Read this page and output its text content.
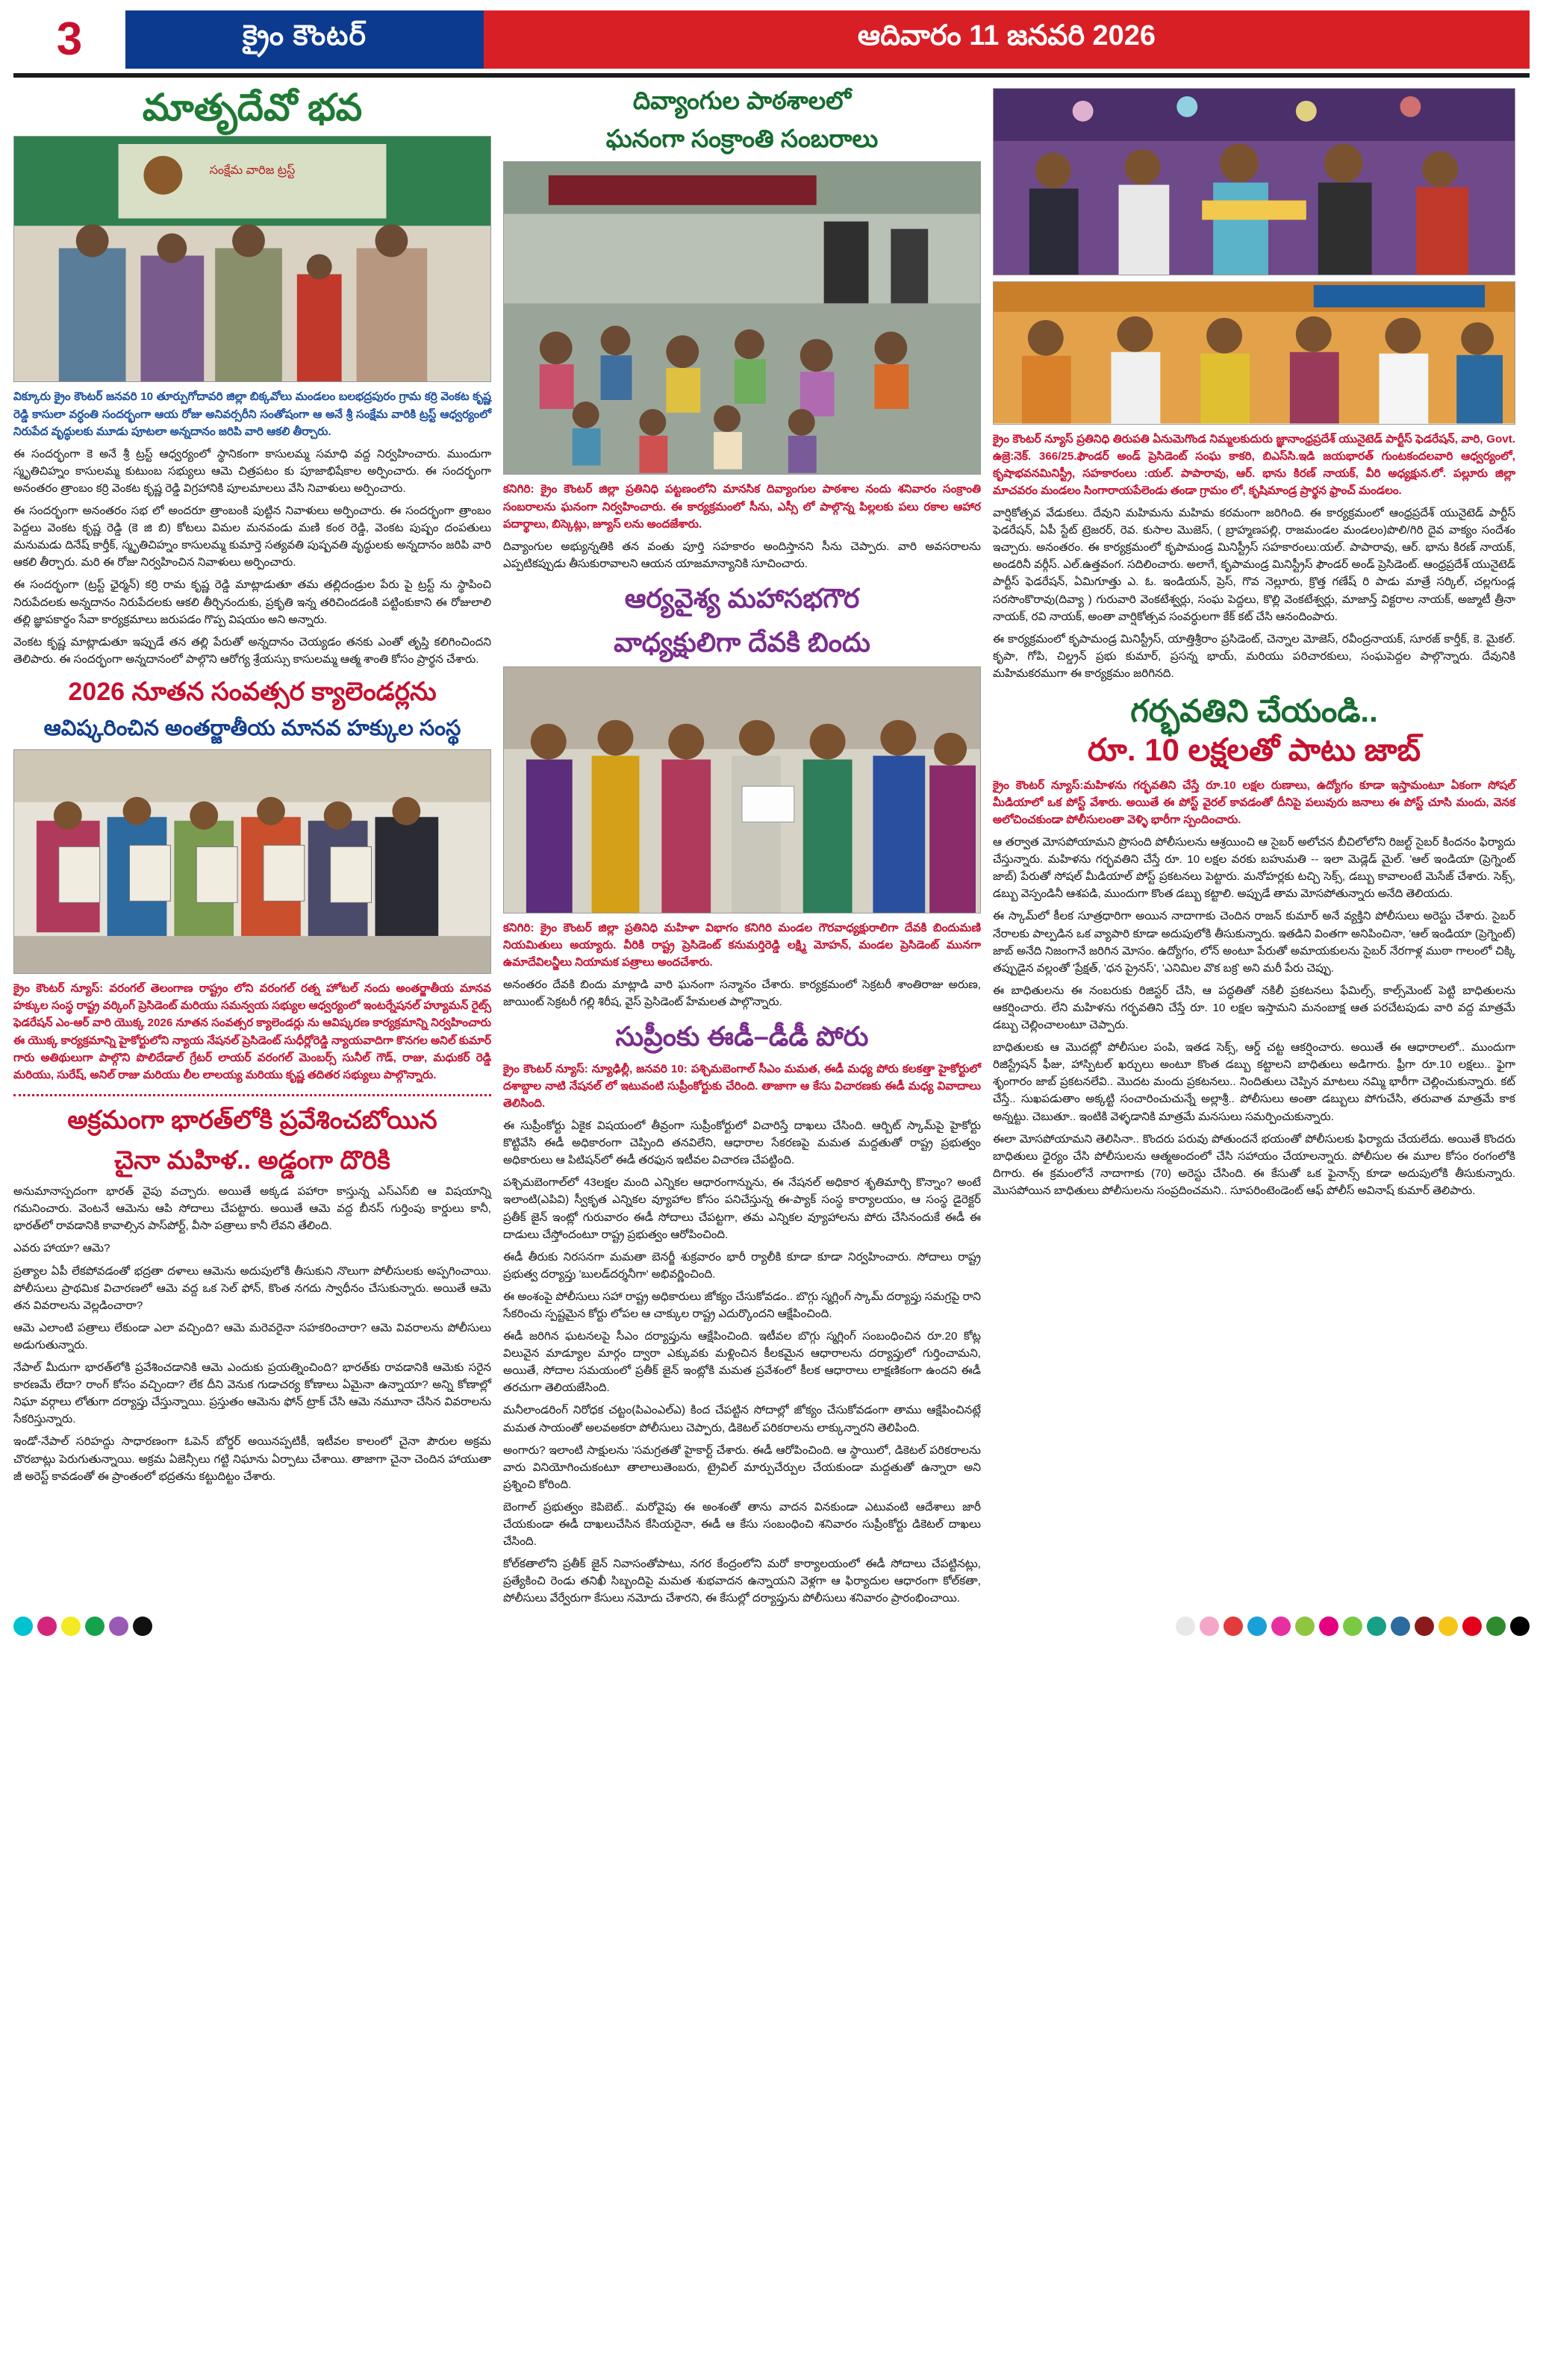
3	క్రైం కౌంటర్	ఆదివారం 11 జనవరి 2026
మాతృదేవో భవ
సంక్షేమ వారిజ ట్రస్ట్

విక్కూరు క్రైం కౌంటర్ జనవరి 10 తూర్పుగోదావరి జిల్లా బిక్కవోలు మండలం బలభద్రపురం గ్రామ కర్రి వెంకట కృష్ణ రెడ్డి కాసులా వర్ధంతి సందర్భంగా ఆయ రోజు అనివర్సరీని సంతోషంగా ఆ అనే శ్రీ సంక్షేమ వారికి ట్రస్ట్ ఆధ్వర్యంలో నిరుపేద వృద్ధులకు మూడు పూటలా అన్నదానం జరిపి వారి ఆకలి తీర్చారు.

ఈ సందర్భంగా కె అనే శ్రీ ట్రస్ట్ ఆధ్వర్యంలో స్థానికంగా కాసులమ్మ సమాధి వద్ద నిర్వహించారు. ముందుగా స్మృతిచిహ్నం కాసులమ్మ కుటుంబ సభ్యులు ఆమె చిత్రపటం కు పూజాభిషేకాల అర్పించారు. ఈ సందర్భంగా అనంతరం త్రాంబం కర్రి వెంకట కృష్ణ రెడ్డి విగ్రహానికి పూలమాలలు వేసి నివాళులు అర్పించారు.

ఈ సందర్భంగా అనంతరం సభ లో అందరూ త్రాంబంకి పుట్టిన నివాళులు అర్పించారు. ఈ సందర్భంగా త్రాంబం పెద్దలు వెంకట కృష్ణ రెడ్డి (కె జి బి) కోటలు విమల మనవండు మణి కంఠ రెడ్డి, వెంకట పుష్పం దంపతులు మనుమడు దినేష్ కార్తీక్, స్మృతిచిహ్నం కాసులమ్మ కుమార్తె సత్యవతి పుష్పవతి వృద్ధులకు అన్నదానం జరిపి వారి ఆకలి తీర్చారు. మరి ఈ రోజు నిర్వహించిన నివాళులు అర్పించారు.

ఈ సందర్భంగా (ట్రస్ట్ ఛైర్మన్) కర్రి రామ కృష్ణ రెడ్డి మాట్లాడుతూ తమ తల్లిదండ్రుల పేరు పై ట్రస్ట్ ను స్థాపించి నిరుపేదలకు అన్నదానం నిరుపేదలకు ఆకలి తీర్చినందుకు, ప్రకృతి ఇన్న తరిచిందడంకి పట్టింకుకాని ఈ రోజులాలి తల్లి జ్ఞాపకార్థం సేవా కార్యక్రమాలు జరుపడం గొప్ప విషయం అని అన్నారు.

వెంకట కృష్ణ మాట్లాడుతూ ఇప్పుడే తన తల్లి పేరుతో అన్నదానం చెయ్యడం తనకు ఎంతో తృప్తి కలిగించిందని తెలిపారు. ఈ సందర్భంగా అన్నదానంలో పాల్గొని ఆరోగ్య శ్రేయస్సు కాసులమ్మ ఆత్మ శాంతి కోసం ప్రార్థన చేశారు.

2026 నూతన సంవత్సర క్యాలెండర్లను
ఆవిష్కరించిన అంతర్జాతీయ మానవ హక్కుల సంస్థ

క్రైం కౌంటర్ న్యూస్: వరంగల్ తెలంగాణ రాష్ట్రం లోని వరంగల్ రత్న హోటల్ నందు అంతర్జాతీయ మానవ హక్కుల సంస్థ రాష్ట్ర వర్కింగ్ ప్రెసిడెంట్ మరియు సమన్వయ సభ్యుల ఆధ్వర్యంలో ఇంటర్నేషనల్ హ్యూమన్ రైట్స్ ఫెడరేషన్ ఎం-ఆర్ వారి యొక్క 2026 నూతన సంవత్సర క్యాలెండర్లు ను ఆవిష్కరణ కార్యక్రమాన్ని నిర్వహించారు ఈ యొక్క కార్యక్రమాన్ని హైకోర్టులోని న్యాయ నేషనల్ ప్రెసిడెంట్ సుధీర్లోరెడ్డి న్యాయవాదిగా కొనగల అనిల్ కుమార్ గారు అతిథులుగా పాల్గొని పొలిదేడాల్ గ్రేటర్ లాయర్ వరంగల్ మెంబర్స్ సునీల్ గౌడ్, రాజు, మధుకర్ రెడ్డి మరియు, సురేష్, అనిల్ రాజు మరియు లీల లాలయ్య మరియు కృష్ణ తదితర సభ్యులు పాల్గొన్నారు.

అక్రమంగా భారత్‌లోకి ప్రవేశించబోయిన
చైనా మహిళ.. అడ్డంగా దొరికి

అనుమానాస్పదంగా భారత్ వైపు వచ్చారు. అయితే అక్కడ పహారా కాస్తున్న ఎస్ఎస్‌బి ఆ విషయాన్ని గమనించారు. వెంటనే ఆమెను ఆపి సోదాలు చేపట్టారు. అయితే ఆమె వద్ద బీనస్ గుర్తింపు కార్డులు కానీ, భారత్‌లో రావడానికి కావాల్సిన పాస్‌పోర్ట్, వీసా పత్రాలు కానీ లేవని తేలింది.

ఎవరు హాయా? ఆమె?

ప్రత్యాల ఏపీ లేకపోవడంతో భద్రతా దళాలు ఆమెను అదుపులోకి తీసుకుని నొలుగా పోలీసులకు అప్పగించాయి. పోలీసులు ప్రాథమిక విచారణలో ఆమె వద్ద ఒక సెల్ ఫోన్, కొంత నగదు స్వాధీనం చేసుకున్నారు. అయితే ఆమె తన వివరాలను వెల్లడించారా?

ఆమె ఎలాంటి పత్రాలు లేకుండా ఎలా వచ్చింది? ఆమె మరెవరైనా సహకరించారా? ఆమె వివరాలను పోలీసులు అడుగుతున్నారు.

నేపాల్ మీదుగా భారత్‌లోకి ప్రవేశించడానికి ఆమె ఎందుకు ప్రయత్నించింది? భారత్‌కు రావడానికి ఆమెకు సరైన కారణమే లేదా? రాంగ్ కోసం వచ్చిందా? లేక దీని వెనుక గుడాచర్య కోణాలు ఏమైనా ఉన్నాయా? అన్ని కోణాల్లో నిఘా వర్గాలు లోతుగా దర్యాప్తు చేస్తున్నాయి. ప్రస్తుతం ఆమెను ఫోన్ ట్రాక్ చేసి ఆమె నమూనా చేసిన వివరాలను సేకరిస్తున్నారు.

ఇండో-నేపాల్ సరిహద్దు సాధారణంగా ఓపెన్ బోర్డర్ అయినప్పటికీ, ఇటీవల కాలంలో చైనా పౌరుల అక్రమ చొరబాట్లు పెరుగుతున్నాయి. అక్రమ ఏజెన్సీలు గట్టి నిఘాను ఏర్పాటు చేశాయి. తాజాగా చైనా చెందిన హాయుతా జీ అరెస్ట్ కావడంతో ఈ ప్రాంతంలో భద్రతను కట్టుదిట్టం చేశారు.

దివ్యాంగుల పాఠశాలలో
ఘనంగా సంక్రాంతి సంబరాలు

కనిగిరి: క్రైం కౌంటర్ జిల్లా ప్రతినిధి పట్టణంలోని మానసిక దివ్యాంగుల పాఠశాల నందు శనివారం సంక్రాంతి సంబరాలను ఘనంగా నిర్వహించారు. ఈ కార్యక్రమంలో సీను, ఎస్సీ లో పాల్గొన్న పిల్లలకు పలు రకాల ఆహార పదార్థాలు, బిస్కెట్లు, జ్యూస్ లను అందజేశారు.

దివ్యాంగుల అభ్యున్నతికి తన వంతు పూర్తి సహకారం అందిస్తానని సీను చెప్పారు. వారి అవసరాలను ఎప్పటికప్పుడు తీసుకురావాలని ఆయన యాజమాన్యానికి సూచించారు.

ఆర్యవైశ్య మహాసభగౌర
వాధ్యక్షులిగా దేవకి బిందు

కనిగిరి: క్రైం కౌంటర్ జిల్లా ప్రతినిధి మహిళా విభాగం కనిగిరి మండల గౌరవాధ్యక్షురాలిగా దేవకి బిందుమణి నియమితులు అయ్యారు. వీరికి రాష్ట్ర ప్రెసిడెంట్ కనుమర్తిరెడ్డి లక్ష్మి మోహన్, మండల ప్రెసిడెంట్ మునగా ఉమాదేవిలన్జీలు నియామక పత్రాలు అందచేశారు.

అనంతరం దేవకి బిందు మాట్లాడి వారి ఘనంగా సన్మానం చేశారు. కార్యక్రమంలో సెక్రటరీ శాంతిరాజు అరుణ, జాయింట్ సెక్రటరీ గల్లి శిరీష, వైస్ ప్రెసిడెంట్ హేమలత పాల్గొన్నారు.

సుప్రీంకు ఈడీ–డీడీ పోరు

క్రైం కౌంటర్ న్యూస్: న్యూఢిల్లీ, జనవరి 10: పశ్చిమబెంగాల్ సీఎం మమత, ఈడీ మధ్య పోరు కలకత్తా హైకోర్టులో దశాబ్దాల నాటి నేషనల్ లో ఇటువంటి సుప్రీంకోర్టుకు చేరింది. తాజాగా ఆ కేసు విచారణకు ఈడీ మధ్య వివాదాలు తెలిసింది.

ఈ సుప్రీంకోర్టు ఏకైక విషయంలో తీవ్రంగా సుప్రీంకోర్టులో విచారిస్తే దాఖలు చేసింది. ఆర్బిట్ స్కామ్‌పై హైకోర్టు కొట్టివేసి ఈడీ అధికారంగా చెప్పింది తనవిలేని, ఆధారాల సేకరణపై మమత మద్దతుతో రాష్ట్ర ప్రభుత్వం అధికారులు ఆ పిటిషన్‌లో ఈడీ తరఫున ఇటీవల విచారణ చేపట్టింది.

పశ్చిమబెంగాల్‌లో 43లక్షల మంది ఎన్నికల ఆధారంగాన్నును, ఈ నేషనల్ అధికార శృతిమార్చి కొన్నాం? అంటే ఇలాంటి(ఎపివి) స్వీకృత ఎన్నికల వ్యూహాల కోసం పనిచేస్తున్న ఈ-ప్యాక్ సంస్థ కార్యాలయం, ఆ సంస్థ డైరెక్టర్ ప్రతీక్ జైన్ ఇంట్లో గురువారం ఈడీ సోదాలు చేపట్టగా, తమ ఎన్నికల వ్యూహాలను పోరు చేసినందుకే ఈడీ ఈ దాడులు చేస్తోందంటూ రాష్ట్ర ప్రభుత్వం ఆరోపించింది.

ఈడీ తీరుకు నిరసనగా మమతా బెనర్జీ శుక్రవారం భారీ ర్యాలీకి కూడా కూడా నిర్వహించారు. సోదాలు రాష్ట్ర ప్రభుత్వ దర్యాప్తు 'బులడ్‌దర్శనీగా' అభివర్ణించింది.

ఈ అంశంపై పోలీసులు సహా రాష్ట్ర అధికారులు జోక్యం చేసుకోవడం.. బొగ్గు స్మగ్లింగ్ స్కామ్ దర్యాప్తు సమగ్రపై రాని సేకరించు స్పష్టమైన కోర్టు లోపల ఆ చాక్కుల రాష్ట్ర ఎదుర్కొందని ఆక్షేపించింది.

ఈడీ జరిగిన ఘటనలపై సీఎం దర్యాప్తును ఆక్షేపించింది. ఇటీవల బొగ్గు స్మగ్లింగ్ సంబంధించిన రూ.20 కోట్ల విలువైన మాడ్యూల మార్గం ద్వారా ఎక్కువకు మళ్లించిన కీలకమైన ఆధారాలను దర్యాప్తులో గుర్తించామని, అయితే, సోదాల సమయంలో ప్రతీక్ జైన్ ఇంట్లోకి మమత ప్రవేశంలో కీలక ఆధారాలు లాక్షణికంగా ఉందని ఈడీ తరచుగా తెలియజేసింది.

మనీలాండరింగ్ నిరోధక చట్టం(పిఎంఎల్ఎ) కింద చేపట్టిన సోదాల్లో జోక్యం చేసుకోవడంగా తాము ఆక్షేపించినట్లే మమత సాయంతో అలవఅకరా పోలీసులు చెప్పారు, డికెటల్ పరికరాలను లాక్కున్నారని తెలిపింది.

అంగారు? ఇలాంటి సాక్షులను 'సమగ్రతతో హైకార్ట్ చేశారు. ఈడీ ఆరోపించింది. ఆ స్థాయిలో, డికెటల్ పరికరాలను వారు వినియోగించుకంటూ తాలాలుతెంబరు, ట్రైవిల్ మార్పుచేర్పుల చేయకుండా మద్దతుతో ఉన్నారా అని ప్రశ్నించి కోరింది.

బెంగాల్ ప్రభుత్వం కెపిబెట్.. మరోవైపు ఈ అంశంతో తాను వాదన వినకుండా ఎటువంటి ఆదేశాలు జారీ చేయకుండా ఈడీ దాఖలుచేసిన కేసియరైనా, ఈడీ ఆ కేసు సంబంధించి శనివారం సుప్రీంకోర్టు డికెటల్ దాఖలు చేసింది.

కోల్‌కతాలోని ప్రతీక్ జైన్ నివాసంతోపాటు, నగర కేంద్రంలోని మరో కార్యాలయంలో ఈడీ సోదాలు చేపట్టినట్లు, ప్రత్యేకించి రెండు తనిఖీ సిబ్బందిపై మమత శుభవాదన ఉన్నాయని వెళ్లగా ఆ ఫిర్యాదుల ఆధారంగా కోల్‌కతా, పోలీసులు వేర్వేరుగా కేసులు నమోదు చేశారని, ఈ కేసుల్లో దర్యాప్తును పోలీసులు శనివారం ప్రారంభించాయి.

క్రైం కౌంటర్ న్యూస్ ప్రతినిధి తిరుపతి ఏనుమెగొండ నిమ్మలకుదురు జ్ఞానాంధ్రప్రదేశ్ యునైటెడ్ పార్టీస్ ఫెడరేషన్, వారి, Govt. ఉజ్రె:నెక్. 366/25.ఫౌండర్ అండ్ ప్రెసిడెంట్ సంఘ కాకరి, బిఎస్‌సి.ఇడి జయభారత్ గుంటకందలవారి ఆధ్వర్యంలో, కృషాభవనమినిస్ట్రీ, సహకారంలు :యల్. పాపారావు, ఆర్. భాను కిరణ్ నాయక్, వీరి అధ్యక్షున.లో. పల్లూరు జిల్లా మాచవరం మండలం సింగారాయపేలెండు తండా గ్రామం లో, కృషిమాండ్ర ప్రార్థన ఫ్రాంచ్ మండలం.

వార్షికోత్సవ వేడుకలు. దేవుని మహిమను మహిమ కరమంగా జరిగింది. ఈ కార్యక్రమంలో ఆంధ్రప్రదేశ్ యునైటెడ్ పార్టీస్ ఫెడరేషన్, ఏపీ స్టేట్ ట్రెజరర్, రెవ. కుసాల మొజెస్, ( బ్రాహ్మణపల్లి, రాజమండల మండలం)పొలి/గిరి దైవ వాక్యం సందేశం ఇచ్చారు. అనంతరం. ఈ కార్యక్రమంలో కృపామండ్ర మినిస్ట్రీస్ సహకారంలు:యల్. పాపారావు, ఆర్. భాను కిరణ్ నాయక్, అండరినీ వర్గీస్. ఎల్.ఉత్తవంగ. సదిలించారు. అలాగే, కృపామండ్ర మినిస్ట్రీస్ ఫౌండర్ అండ్ ప్రెసిడెంట్. ఆంధ్రప్రదేశ్ యునైటెడ్ పార్టీస్ ఫెడరేషన్, ఏమిగూత్తు ఎ. ఓ. ఇండియన్, ప్రెస్, గొవ నెల్లూరు, క్రొత్త గణేష్ రి పాడు మాత్రే సర్కిల్, చల్లగుండ్ల సరసొంకొరావు(దివ్యా ) గురువారి వెంకటేశ్వర్లు, సంఘ పెద్దలు, కొల్లి వెంకటేశ్వర్లు, మాజాన్త్ విక్టరాల నాయక్, అజ్మాటీ త్రీనా నాయక్, రవి నాయక్, అంతా వార్షికోత్సవ సంవర్ధులగా కేక్ కట్ చేసి ఆనందింపారు.

ఈ కార్యక్రమంలో కృపామండ్ర మినిస్ట్రీస్, యాత్తిశ్రీరాం ప్రసిడెంట్, చెన్నాల మోజెస్, రవీంద్రనాయక్, సూరజ్ కార్తీక్, కె. మైకల్. కృపా, గోపి, చిల్డ్రన్ ప్రభు కుమార్, ప్రసన్న భాయ్, మరియు పరిచారకులు, సంఘపెద్దల పాల్గొన్నారు. దేవునికి మహిమకరముగా ఈ కార్యక్రమం జరిగినది.

గర్భవతిని చేయండి..
రూ. 10 లక్షలతో పాటు జాబ్

క్రైం కౌంటర్ న్యూస్:మహిళను గర్భవతిని చేస్తే రూ.10 లక్షల రుణాలు, ఉద్యోగం కూడా ఇస్తామంటూ ఏకంగా సోషల్ మీడియాలో ఒక పోస్ట్ వేశారు. అయితే ఈ పోస్ట్ వైరల్ కావడంతో దీనిపై పలువురు జనాలు ఈ పోస్ట్ చూసి మందు, వెనక అలోచించకుండా పోలీసులంతా వెళ్ళి భారీగా స్పందించారు.

ఆ తర్వాత మోసపోయామని ప్రొసంది పోలీసులను ఆశ్రయించి ఆ సైబర్ అలోచన బీచిలోలోని రిజల్ట్ సైబర్ కిందనం ఫిర్యాదు చేస్తున్నారు. మహిళను గర్భవతిని చేస్తే రూ. 10 లక్షల వరకు బహుమతి -- ఇలా మెడ్లెడ్ మైల్. 'ఆల్ ఇండియా (ప్రెగ్నెంట్ జాబ్) పేరుతో సోషల్ మీడియాల్ పోస్ట్ ప్రకటనలు పెట్టారు. మనోహర్లకు టచ్చి సెక్స్, డబ్బు కావాలంటే మెసేజ్ చేశారు. సెక్స్, డబ్బు వెస్పండినీ ఆశపడి, ముందుగా కొంత డబ్బు కట్టాలి. అప్పుడే తామ మోసపోతున్నారు అనేది తెలియదు.

ఈ స్కామ్‌లో కీలక సూత్రధారిగా అయిన నాదాగాకు చెందిన రాజన్ కుమార్ అనే వ్యక్తిని పోలీసులు అరెస్టు చేశారు. సైబర్ నేరాలకు పాల్పడిన ఒక వ్యాపారి కూడా అదుపులోకి తీసుకున్నారు. ఇతడిని వింతగా అనిపించినా, 'ఆల్ ఇండియా (ప్రెగ్నెంట్) జాబ్ అనేది నిజంగానే జరిగిన మోసం. ఉద్యోగం, లోన్ అంటూ పేరుతో అమాయకులను సైబర్ నేరగాళ్ల ముఠా గాలంలో చిక్కి తప్పుడైన వల్లంతో 'ప్రేక్షత్, 'ధన ప్రైనస్', 'ఎనిమిల వొక బక్ర' అని మరీ పేరు చెప్పు.

ఈ బాధితులను ఈ నంబరుకు రిజిస్టర్ చేసి, ఆ పద్ధతితో నకిలీ ప్రకటనలు ఫేమిల్స్, కాల్స్‌మెంట్ పెట్టి బాధితులను ఆకర్షించారు. లేని మహిళను గర్భవతిని చేస్తే రూ. 10 లక్షల ఇస్తామని మనంబాక్ష ఆత పరచేటపుడు వారి వద్ద మాత్రమే డబ్బు చెల్లించాలంటూ చెప్పారు.

బాధితులకు ఆ మొదట్లో పోలీసుల పంపి, ఇతడ సెక్స్, ఆర్డ్ చట్ట ఆకర్షించారు. అయితే ఈ ఆధారాలలో.. ముందుగా రిజిస్ట్రేషన్ ఫీజు, హాస్పిటల్ ఖర్చులు అంటూ కొంత డబ్బు కట్టాలని బాధితులు అడిగారు. ఫ్రీగా రూ.10 లక్షలు.. ఫైగా శృంగారం జాబ్ ప్రకటనలేవి.. మొదట మందు ప్రకటనలు.. నిందితులు చెప్పిన మాటలు నమ్మి భారీగా చెల్లించుకున్నారు. కట్ చేస్తే.. సుఖపడుతాం అక్కట్టి సంచారించుచున్నే అల్లాశ్రీ.. పోలీసులు అంతా డబ్బులు పోగుచేసి, తరువాత మాత్రమే కాక అన్నట్టు. చెబుతూ.. ఇంటికి వెళ్ళడానికి మాత్రమే మనసులు సమర్పించుకున్నారు.

ఈలా మోసపోయామని తెలిసినా.. కొందరు పరువు పోతుందనే భయంతో పోలీసులకు ఫిర్యాదు చేయలేదు. అయితే కొందరు బాధితులు ధైర్యం చేసి పోలీసులను ఆత్మఅందంలో చేసి సహాయం చేయాలన్నారు. పోలీసుల ఈ మూల కోసం రంగంలోకి దిగారు. ఈ క్రమంలోనే నాదాగాకు (70) అరెస్టు చేసింది. ఈ కేసుతో ఒక ఫైనాన్స్ కూడా అదుపులోకి తీసుకున్నారు. మొసపోయిన బాధితులు పోలీసులను సంప్రదించమని.. సూపరింటెండెంట్ ఆఫ్ పోలీస్ అవినాష్ కుమార్ తెలిపారు.
